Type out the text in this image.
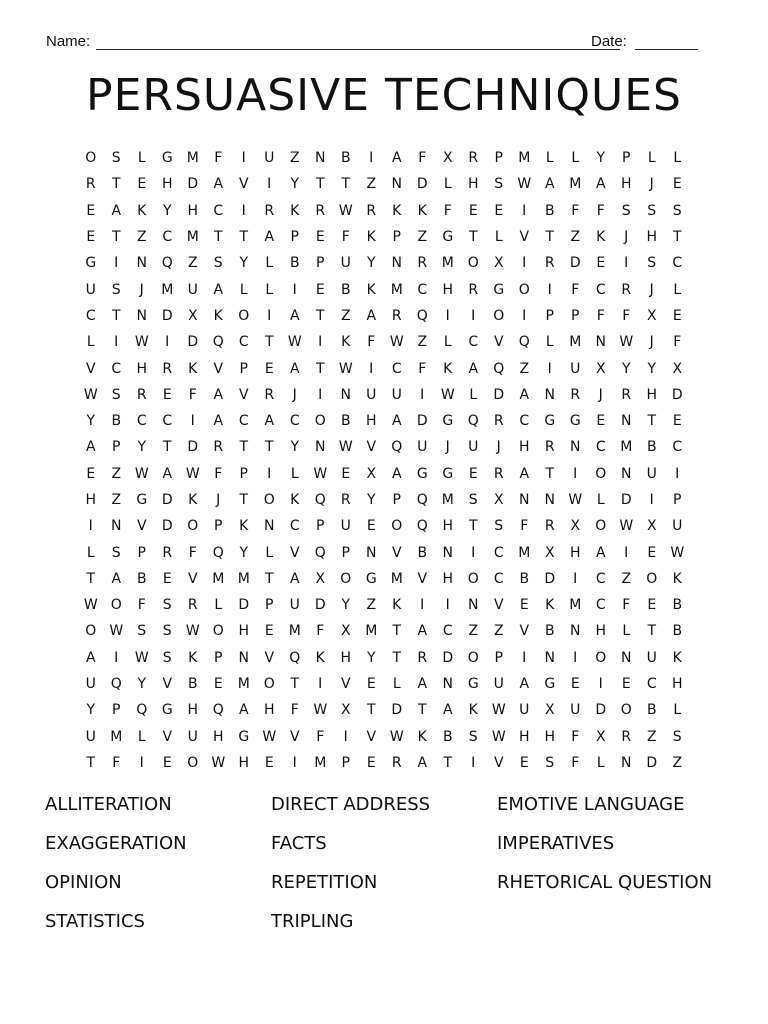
Name:	Date:
PERSUASIVE TECHNIQUES
O	S	L	G	M	F	I	U	Z	N	B	I	A	F	X	R	P	M	L	L	Y	P	L	L
R	T	E	H	D	A	V	I	Y	T	T	Z	N	D	L	H	S	W A	M	A	H	J	E
E	A	K	Y	H	C	I	R	K	R W R	K	K	F	E	E	I	B	F	F	S	S	S
E	T	Z	C	M	T	T	A	P	E	F	K	P	Z	G	T	L	V	T	Z	K	J	H	T
G	I	N	Q	Z	S	Y	L	B	P	U	Y	N	R	M O	X	I	R	D	E	I	S	C
U	S	J	M	U	A	L	L	I	E	B	K	M	C	H	R	G	O	I	F	C	R	J	L
C	T	N	D	X	K	O	I	A	T	Z	A	R	Q	I	I	O	I	P	P	F	F	X	E
L	I	W	I	D	Q	C	T	W	I	K	F	W Z	L	C	V	Q	L	M	N W	J	F
V	C	H	R	K	V	P	E	A	T	W	I	C	F	K	A	Q	Z	I	U	X	Y	Y	X
W	S	R	E	F	A	V	R	J	I	N	U	U	I	W	L	D	A	N	R	J	R	H	D
Y	B	C	C	I	A	C	A	C	O	B	H	A	D	G	Q	R	C	G	G	E	N	T	E
A	P	Y	T	D	R	T	T	Y	N W V	Q	U	J	U	J	H	R	N	C	M	B	C
E	Z W A W	F	P	I	L	W	E	X	A	G	G	E	R	A	T	I	O	N	U	I
H	Z	G	D	K	J	T	O	K	Q	R	Y	P	Q M	S	X	N	N W	L	D	I	P
I	N	V	D	O	P	K	N	C	P	U	E	O	Q	H	T	S	F	R	X	O W X	U
L	S	P	R	F	Q	Y	L	V	Q	P	N	V	B	N	I	C	M	X	H	A	I	E	W
T	A	B	E	V	M M	T	A	X	O	G	M	V	H	O	C	B	D	I	C	Z	O	K
W O	F	S	R	L	D	P	U	D	Y	Z	K	I	I	N	V	E	K	M	C	F	E	B
O W	S	S	W O	H	E	M	F	X	M	T	A	C	Z	Z	V	B	N	H	L	T	B
A	I	W	S	K	P	N	V	Q	K	H	Y	T	R	D	O	P	I	N	I	O	N	U	K
U	Q	Y	V	B	E	M O	T	I	V	E	L	A	N	G	U	A	G	E	I	E	C	H
Y	P	Q	G	H	Q	A	H	F	W X	T	D	T	A	K W U	X	U	D	O	B	L
U	M	L	V	U	H	G W V	F	I	V W K	B	S	W H	H	F	X	R	Z	S
T	F	I	E	O W H	E	I	M	P	E	R	A	T	I	V	E	S	F	L	N	D	Z
ALLITERATION	DIRECT ADDRESS	EMOTIVE LANGUAGE
EXAGGERATION	FACTS	IMPERATIVES
OPINION	REPETITION	RHETORICAL QUESTION
STATISTICS	TRIPLING
